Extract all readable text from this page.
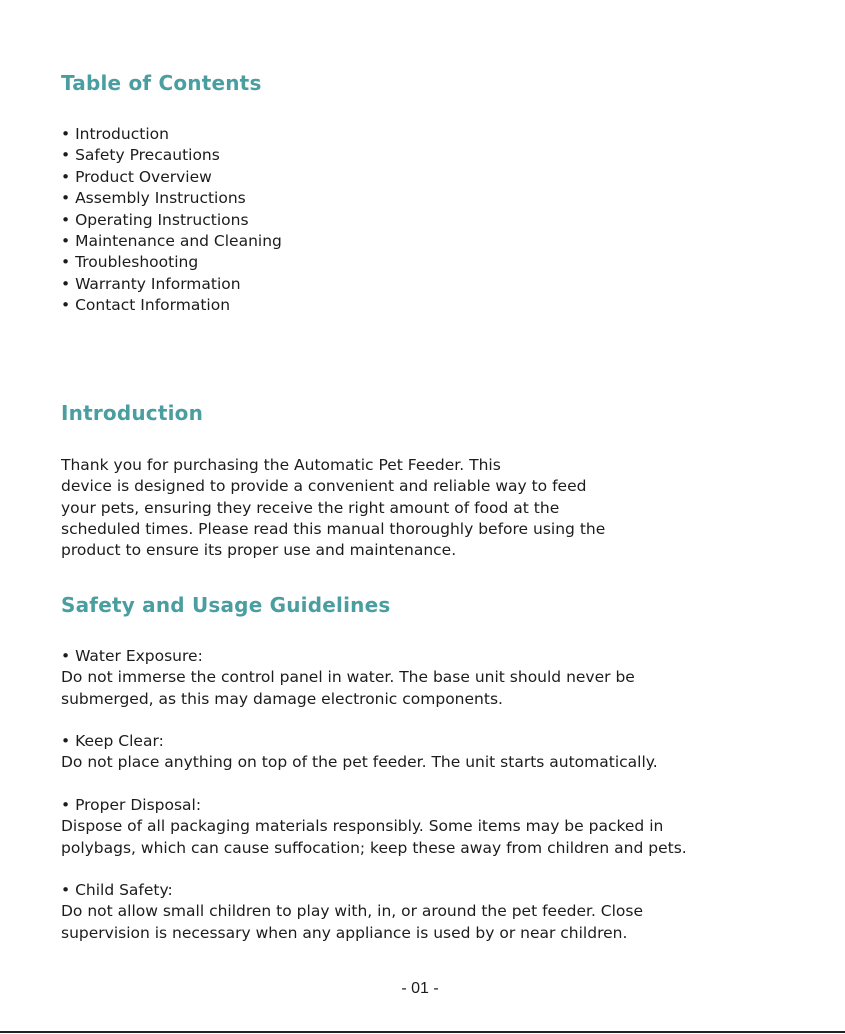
Table of Contents
• Introduction
• Safety Precautions
• Product Overview
• Assembly Instructions
• Operating Instructions
• Maintenance and Cleaning
• Troubleshooting
• Warranty Information
• Contact Information
Introduction

Thank you for purchasing the Automatic Pet Feeder. This
device is designed to provide a convenient and reliable way to feed
your pets, ensuring they receive the right amount of food at the
scheduled times. Please read this manual thoroughly before using the
product to ensure its proper use and maintenance.

Safety and Usage Guidelines
• Water Exposure:
Do not immerse the control panel in water. The base unit should never be
submerged, as this may damage electronic components.
• Keep Clear:
Do not place anything on top of the pet feeder. The unit starts automatically.
• Proper Disposal:
Dispose of all packaging materials responsibly. Some items may be packed in
polybags, which can cause suffocation; keep these away from children and pets.
• Child Safety:
Do not allow small children to play with, in, or around the pet feeder. Close
supervision is necessary when any appliance is used by or near children.
- 01 -
